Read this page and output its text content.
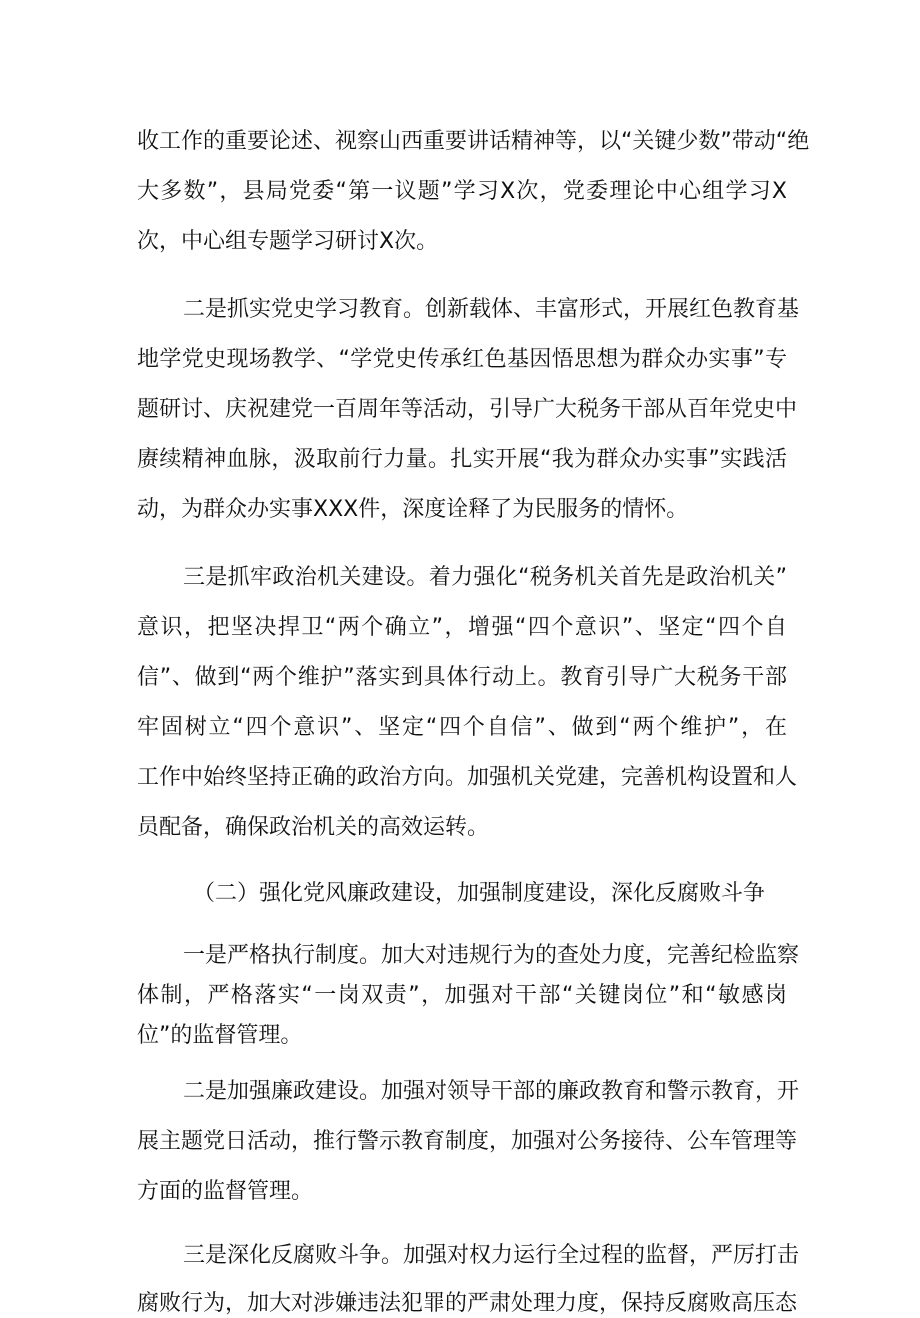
收工作的重要论述、视察山西重要讲话精神等，以“关键少数”带动“绝
大多数”，县局党委“第一议题”学习X次，党委理论中心组学习X
次，中心组专题学习研讨X次。
二是抓实党史学习教育。创新载体、丰富形式，开展红色教育基
地学党史现场教学、“学党史传承红色基因悟思想为群众办实事”专
题研讨、庆祝建党一百周年等活动，引导广大税务干部从百年党史中
赓续精神血脉，汲取前行力量。扎实开展“我为群众办实事”实践活
动，为群众办实事XXX件，深度诠释了为民服务的情怀。
三是抓牢政治机关建设。着力强化“税务机关首先是政治机关”
意识，把坚决捍卫“两个确立”，增强“四个意识”、坚定“四个自
信”、做到“两个维护”落实到具体行动上。教育引导广大税务干部
牢固树立“四个意识”、坚定“四个自信”、做到“两个维护”，在
工作中始终坚持正确的政治方向。加强机关党建，完善机构设置和人
员配备，确保政治机关的高效运转。
（二）强化党风廉政建设，加强制度建设，深化反腐败斗争
一是严格执行制度。加大对违规行为的查处力度，完善纪检监察
体制，严格落实“一岗双责”，加强对干部“关键岗位”和“敏感岗
位”的监督管理。
二是加强廉政建设。加强对领导干部的廉政教育和警示教育，开
展主题党日活动，推行警示教育制度，加强对公务接待、公车管理等
方面的监督管理。
三是深化反腐败斗争。加强对权力运行全过程的监督，严厉打击
腐败行为，加大对涉嫌违法犯罪的严肃处理力度，保持反腐败高压态
